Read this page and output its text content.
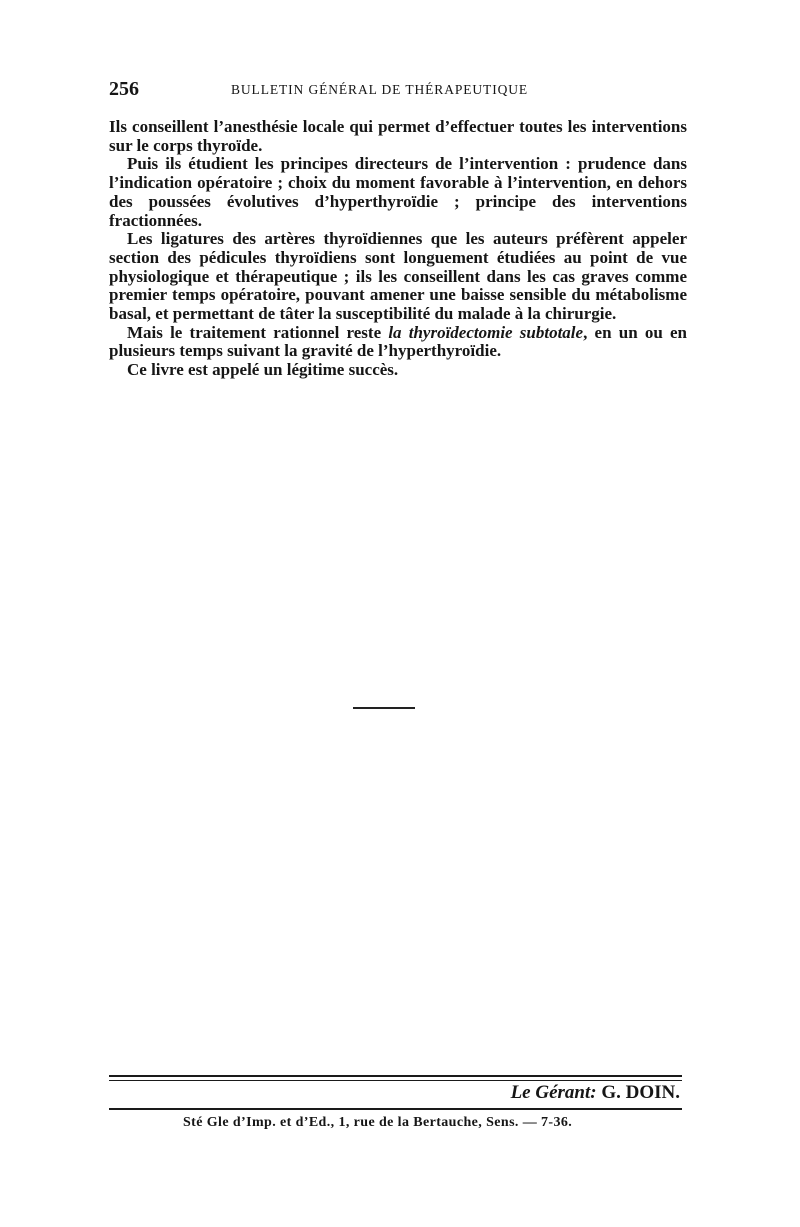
256	BULLETIN GÉNÉRAL DE THÉRAPEUTIQUE

Ils conseillent l’anesthésie locale qui permet d’effectuer toutes les interventions sur le corps thyroïde.

Puis ils étudient les principes directeurs de l’intervention : prudence dans l’indication opératoire ; choix du moment favorable à l’intervention, en dehors des poussées évolutives d’hyperthyroïdie ; principe des interventions fractionnées.

Les ligatures des artères thyroïdiennes que les auteurs préfèrent appeler section des pédicules thyroïdiens sont longuement étudiées au point de vue physiologique et thérapeutique ; ils les conseillent dans les cas graves comme premier temps opératoire, pouvant amener une baisse sensible du métabolisme basal, et permettant de tâter la susceptibilité du malade à la chirurgie.

Mais le traitement rationnel reste la thyroïdectomie subtotale, en un ou en plusieurs temps suivant la gravité de l’hyperthyroïdie.

Ce livre est appelé un légitime succès.

Le Gérant: G. DOIN.
Sté Gle d’Imp. et d’Ed., 1, rue de la Bertauche, Sens. — 7-36.
